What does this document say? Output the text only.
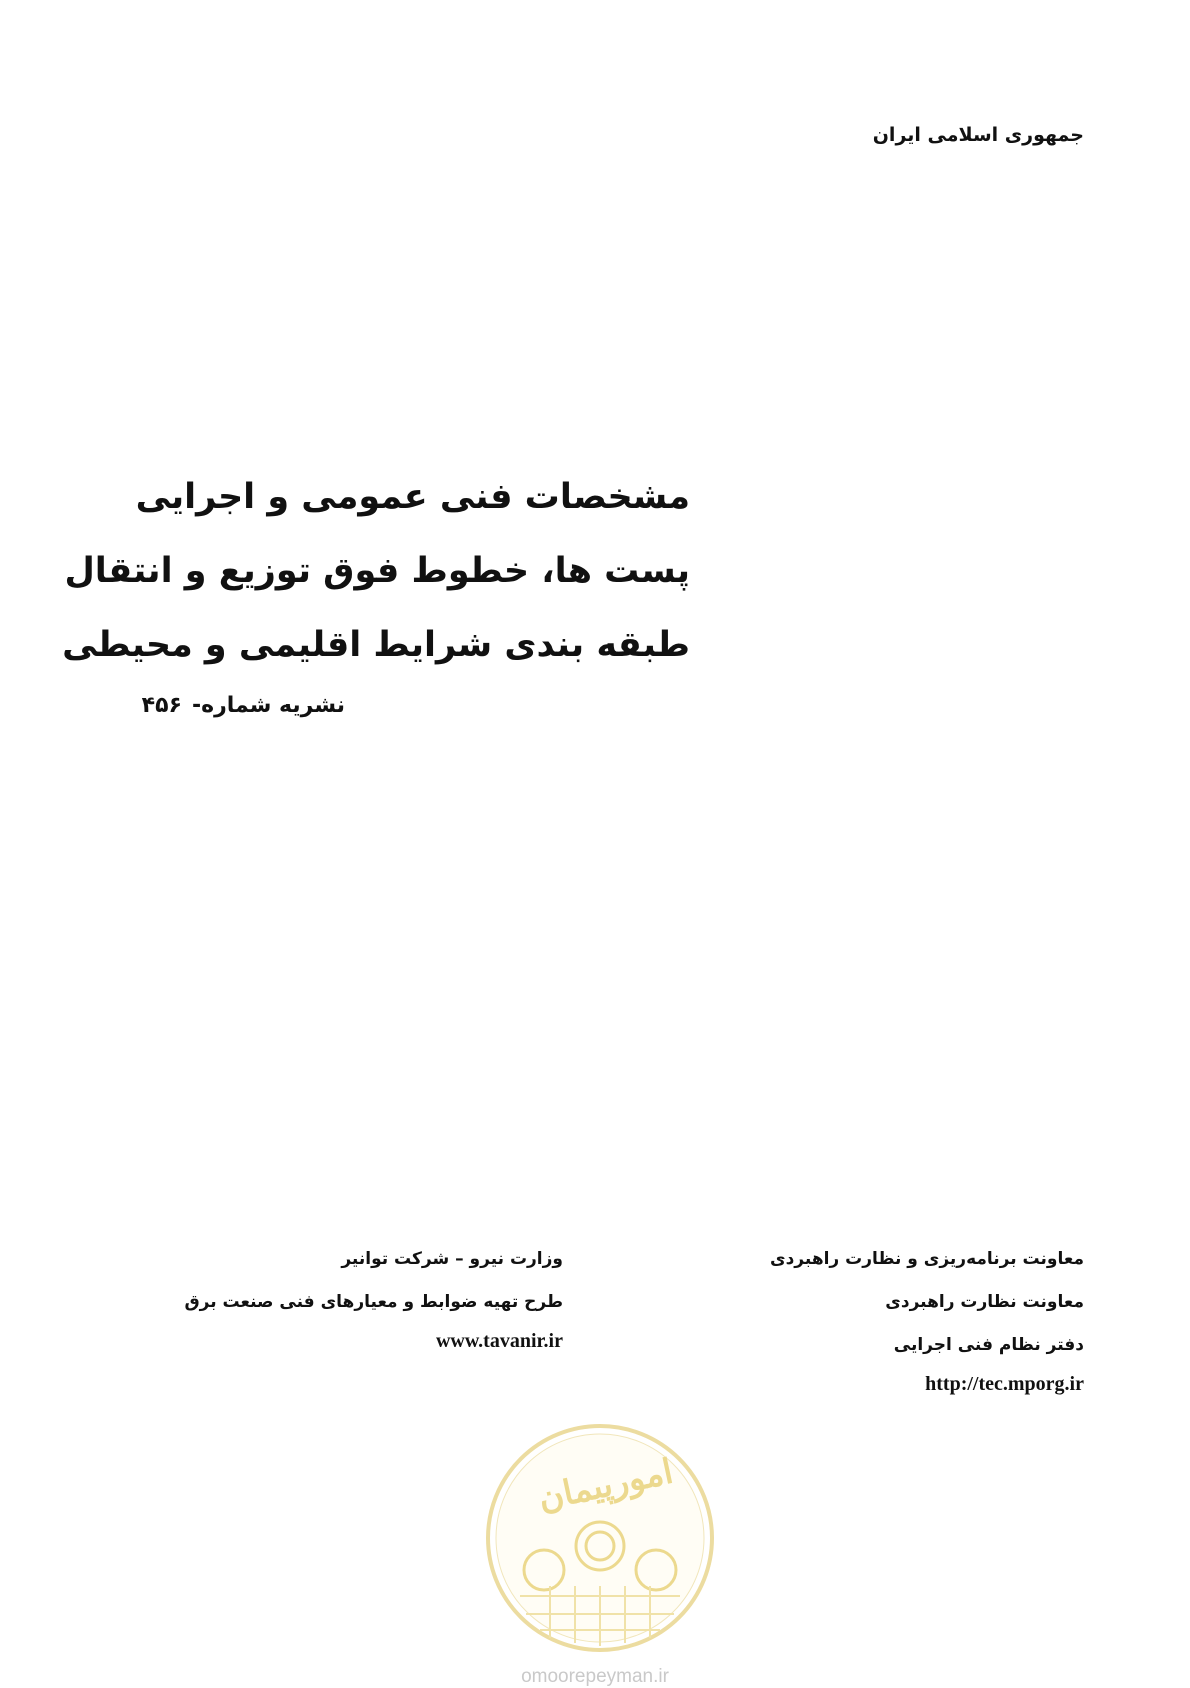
جمهوری اسلامی ایران
مشخصات فنی عمومی و اجرایی
پست ها، خطوط فوق توزیع و انتقال
طبقه بندی شرایط اقلیمی و محیطی
نشریه شماره-۴۵۶
معاونت برنامه‌ریزی و نظارت راهبردی
معاونت نظارت راهبردی
دفتر نظام فنی اجرایی
http://tec.mporg.ir
وزارت نیرو – شرکت توانیر
طرح تهیه ضوابط و معیارهای فنی صنعت برق
www.tavanir.ir
امورپیمان
omoorepeyman.ir
